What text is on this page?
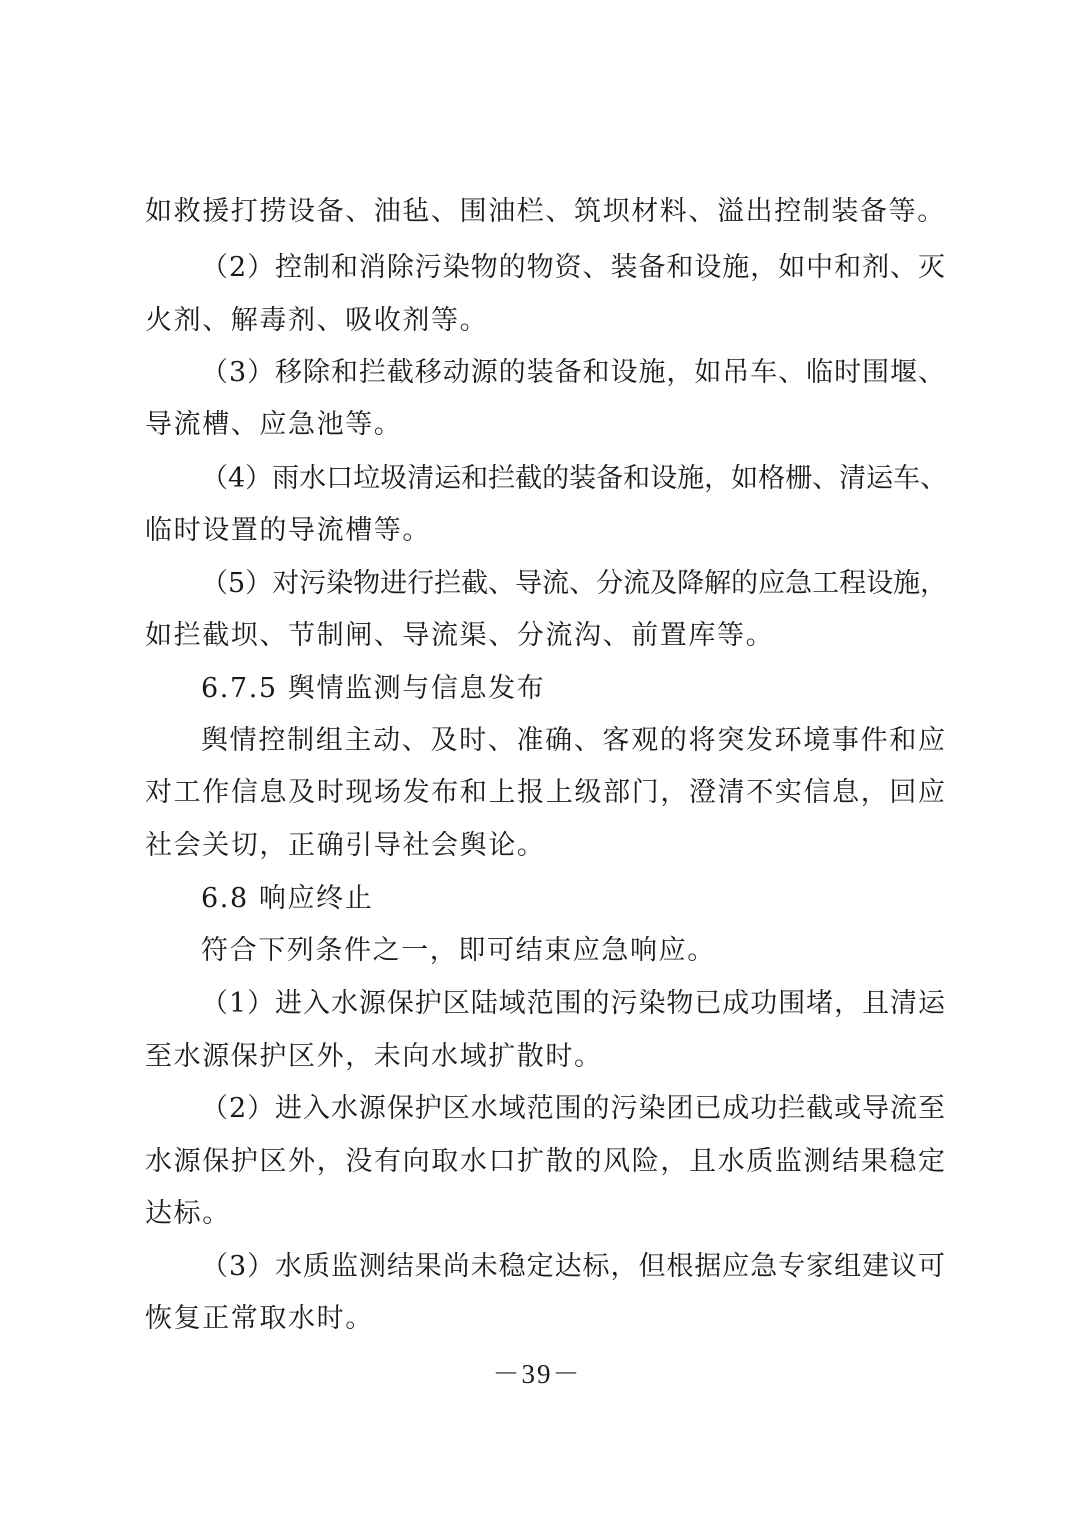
如救援打捞设备、油毡、围油栏、筑坝材料、溢出控制装备等。
（2）控制和消除污染物的物资、装备和设施，如中和剂、灭
火剂、解毒剂、吸收剂等。
（3）移除和拦截移动源的装备和设施，如吊车、临时围堰、
导流槽、应急池等。
（4）雨水口垃圾清运和拦截的装备和设施，如格栅、清运车、
临时设置的导流槽等。
（5）对污染物进行拦截、导流、分流及降解的应急工程设施，
如拦截坝、节制闸、导流渠、分流沟、前置库等。
6.7.5 舆情监测与信息发布
舆情控制组主动、及时、准确、客观的将突发环境事件和应
对工作信息及时现场发布和上报上级部门，澄清不实信息，回应
社会关切，正确引导社会舆论。
6.8 响应终止
符合下列条件之一，即可结束应急响应。
（1）进入水源保护区陆域范围的污染物已成功围堵，且清运
至水源保护区外，未向水域扩散时。
（2）进入水源保护区水域范围的污染团已成功拦截或导流至
水源保护区外，没有向取水口扩散的风险，且水质监测结果稳定
达标。
（3）水质监测结果尚未稳定达标，但根据应急专家组建议可
恢复正常取水时。
－39－
